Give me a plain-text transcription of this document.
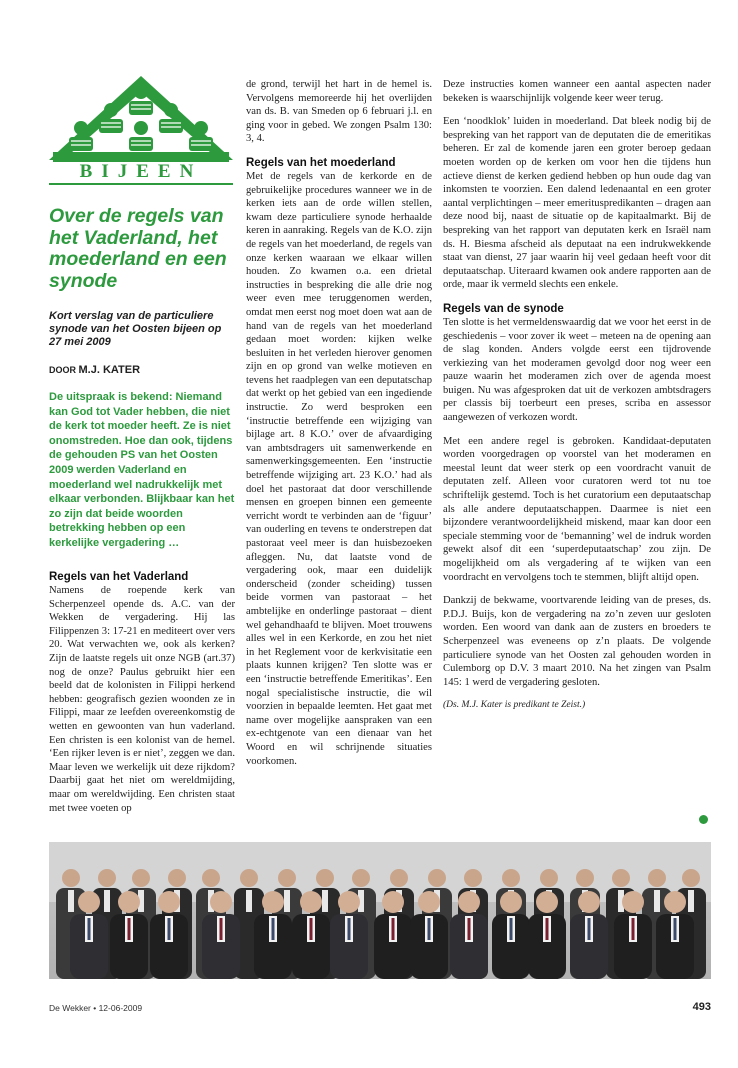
BIJEEN
Over de regels van het Vaderland, het moederland en een synode

Kort verslag van de particuliere synode van het Oosten bijeen op 27 mei 2009

DOOR M.J. KATER

De uitspraak is bekend: Niemand kan God tot Vader hebben, die niet de kerk tot moeder heeft. Ze is niet onomstreden. Hoe dan ook, tijdens de gehouden PS van het Oosten 2009 werden Vaderland en moederland wel nadrukkelijk met elkaar verbonden. Blijkbaar kan het zo zijn dat beide woorden betrekking hebben op een kerkelijke vergadering …

Regels van het Vaderland

Namens de roepende kerk van Scherpenzeel opende ds. A.C. van der Wekken de vergadering. Hij las Filippenzen 3: 17-21 en mediteert over vers 20. Wat verwachten we, ook als kerken? Zijn de laatste regels uit onze NGB (art.37) nog de onze? Paulus gebruikt hier een beeld dat de kolonisten in Filippi herkend hebben: geografisch gezien woonden ze in Filippi, maar ze leefden overeenkomstig de wetten en gewoonten van hun vaderland. Een christen is een kolonist van de hemel. ‘Een rijker leven is er niet’, zeggen we dan. Maar leven we werkelijk uit deze rijkdom? Daarbij gaat het niet om wereldmijding, maar om wereldwijding. Een christen staat met twee voeten op

de grond, terwijl het hart in de hemel is. Vervolgens memoreerde hij het overlijden van ds. B. van Smeden op 6 februari j.l. en ging voor in gebed. We zongen Psalm 130: 3, 4.

Regels van het moederland

Met de regels van de kerkorde en de gebruikelijke procedures wanneer we in de kerken iets aan de orde willen stellen, kwam deze particuliere synode herhaalde keren in aanraking. Regels van de K.O. zijn de regels van het moederland, de regels van onze kerken waaraan we elkaar willen houden. Zo kwamen o.a. een drietal instructies in bespreking die alle drie nog weer even mee teruggenomen werden, omdat men eerst nog moet doen wat aan de hand van de regels van het moederland gedaan moet worden: kijken welke besluiten in het verleden hierover genomen zijn en op grond van welke motieven en tevens het raadplegen van een deputatschap dat werkt op het gebied van een ingediende instructie. Zo werd besproken een ‘instructie betreffende een wijziging van bijlage art. 8 K.O.’ over de afvaardiging van ambtsdragers uit samenwerkende en samenwerkingsgemeenten. Een ‘instructie betreffende wijziging art. 23 K.O.’ had als doel het pastoraat dat door verschillende mensen en groepen binnen een gemeente verricht wordt te verbinden aan de ‘figuur’ van ouderling en tevens te onderstrepen dat pastoraat veel meer is dan huisbezoeken afleggen. Nu, dat laatste vond de vergadering ook, maar een duidelijk onderscheid (zonder scheiding) tussen beide vormen van pastoraat – het ambtelijke en onderlinge pastoraat – dient wel gehandhaafd te blijven. Moet trouwens alles wel in een Kerkorde, en zou het niet in het Reglement voor de kerkvisitatie een plaats kunnen krijgen? Ten slotte was er een ‘instructie betreffende Emeritikas’. Een nogal specialistische instructie, die wil voorzien in bepaalde leemten. Het gaat met name over mogelijke aanspraken van een ex-echtgenote van een dienaar van het Woord en wil schrijnende situaties voorkomen.

Deze instructies komen wanneer een aantal aspecten nader bekeken is waarschijnlijk volgende keer weer terug.

Een ‘noodklok’ luiden in moederland. Dat bleek nodig bij de bespreking van het rapport van de deputaten die de emeritikas beheren. Er zal de komende jaren een groter beroep gedaan moeten worden op de kerken om voor hen die tijdens hun actieve dienst de kerken gediend hebben op hun oude dag van inkomsten te voorzien. Een dalend ledenaantal en een groter aantal verplichtingen – meer emerituspredikanten – dragen aan deze nood bij, naast de situatie op de kapitaalmarkt. Bij de bespreking van het rapport van deputaten kerk en Israël nam ds. H. Biesma afscheid als deputaat na een indrukwekkende staat van dienst, 27 jaar waarin hij veel gedaan heeft voor dit deputaatschap. Uiteraard kwamen ook andere rapporten aan de orde, maar ik vermeld slechts een enkele.

Regels van de synode

Ten slotte is het vermeldenswaardig dat we voor het eerst in de geschiedenis – voor zover ik weet – meteen na de opening aan de slag konden. Anders volgde eerst een tijdrovende verkiezing van het moderamen gevolgd door nog weer een pauze waarin het moderamen zich over de agenda moest buigen. Nu was afgesproken dat uit de verkozen ambtsdragers per classis bij toerbeurt een preses, scriba en assessor aangewezen of verkozen wordt.

Met een andere regel is gebroken. Kandidaat-deputaten worden voorgedragen op voorstel van het moderamen en meestal leunt dat weer sterk op een voordracht vanuit de deputaten zelf. Alleen voor curatoren werd tot nu toe schriftelijk gestemd. Toch is het curatorium een deputaatschap als alle andere deputaatschappen. Daarmee is niet een bijzondere verantwoordelijkheid miskend, maar kan door een speciale stemming voor de ‘bemanning’ wel de indruk worden gewekt alsof dit een ‘superdeputaatschap’ zou zijn. De mogelijkheid om als vergadering af te wijken van een voordracht en vervolgens toch te stemmen, blijft altijd open.

Dankzij de bekwame, voortvarende leiding van de preses, ds. P.D.J. Buijs, kon de vergadering na zo’n zeven uur gesloten worden. Een woord van dank aan de zusters en broeders te Scherpenzeel was eveneens op z’n plaats. De volgende particuliere synode van het Oosten zal gehouden worden in Culemborg op D.V. 3 maart 2010. Na het zingen van Psalm 145: 1 werd de vergadering gesloten.

(Ds. M.J. Kater is predikant te Zeist.)
De Wekker • 12-06-2009	493
